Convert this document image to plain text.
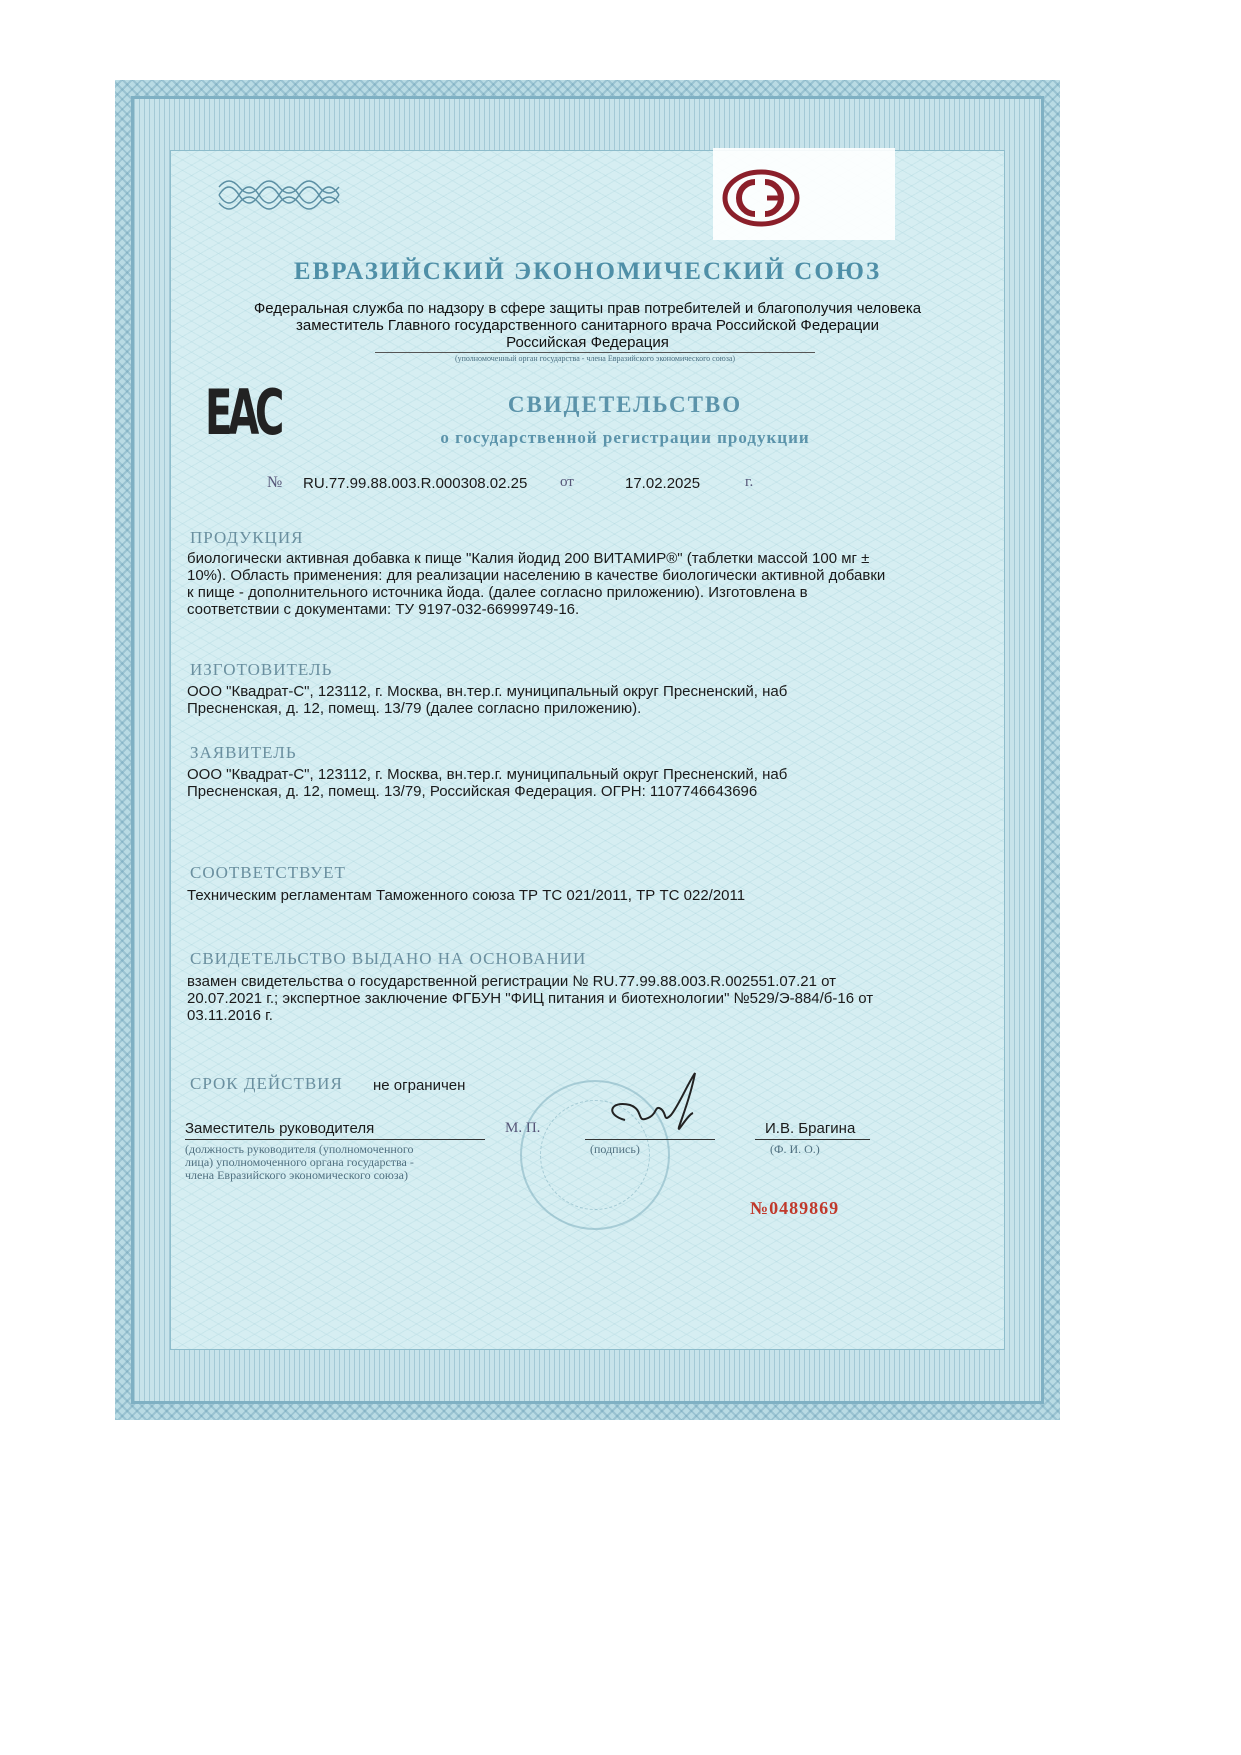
ЕВРАЗИЙСКИЙ ЭКОНОМИЧЕСКИЙ СОЮЗ
Федеральная служба по надзору в сфере защиты прав потребителей и благополучия человека
заместитель Главного государственного санитарного врача Российской Федерации
Российская Федерация
(уполномоченный орган государства - члена Евразийского экономического союза)
ЕАС	СВИДЕТЕЛЬСТВО
о государственной регистрации продукции
№ RU.77.99.88.003.R.000308.02.25 от	17.02.2025	г.
ПРОДУКЦИЯ
биологически активная добавка к пище "Калия йодид 200 ВИТАМИР®" (таблетки массой 100 мг ±
10%). Область применения: для реализации населению в качестве биологически активной добавки
к пище - дополнительного источника йода. (далее согласно приложению). Изготовлена в
соответствии с документами: ТУ 9197-032-66999749-16.
ИЗГОТОВИТЕЛЬ
ООО "Квадрат-С", 123112, г. Москва, вн.тер.г. муниципальный округ Пресненский, наб
Пресненская, д. 12, помещ. 13/79 (далее согласно приложению).
ЗАЯВИТЕЛЬ
ООО "Квадрат-С", 123112, г. Москва, вн.тер.г. муниципальный округ Пресненский, наб
Пресненская, д. 12, помещ. 13/79, Российская Федерация. ОГРН: 1107746643696
СООТВЕТСТВУЕТ
Техническим регламентам Таможенного союза ТР ТС 021/2011, ТР ТС 022/2011
СВИДЕТЕЛЬСТВО ВЫДАНО НА ОСНОВАНИИ
взамен свидетельства о государственной регистрации № RU.77.99.88.003.R.002551.07.21 от
20.07.2021 г.; экспертное заключение ФГБУН "ФИЦ питания и биотехнологии" №529/Э-884/б-16 от
03.11.2016 г.
СРОК ДЕЙСТВИЯ не ограничен
Заместитель руководителя	М. П.	И.В. Брагина
(должность руководителя (уполномоченного
лица) уполномоченного органа государства -
члена Евразийского экономического союза)
(подпись)	(Ф. И. О.)
№0489869
